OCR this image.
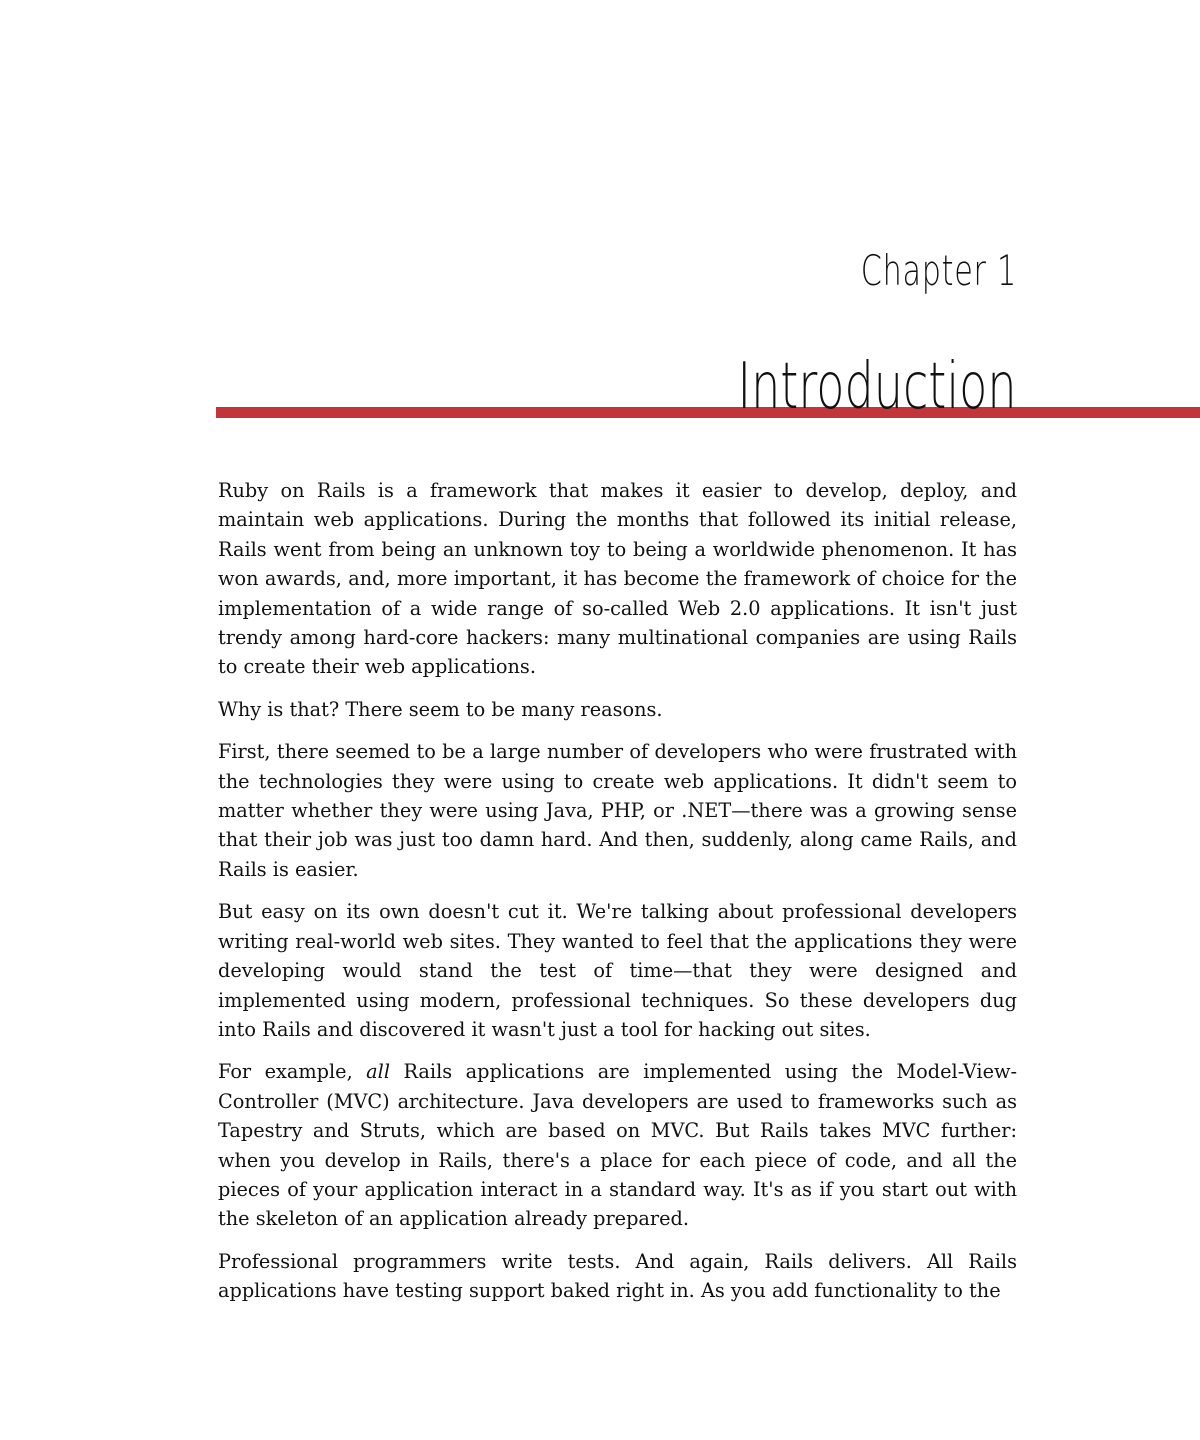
Chapter 1
Introduction

Ruby on Rails is a framework that makes it easier to develop, deploy, and maintain web applications. During the months that followed its initial release, Rails went from being an unknown toy to being a worldwide phenomenon. It has won awards, and, more important, it has become the framework of choice for the implementation of a wide range of so-called Web 2.0 applications. It isn't just trendy among hard-core hackers: many multinational companies are using Rails to create their web applications.

Why is that? There seem to be many reasons.

First, there seemed to be a large number of developers who were frustrated with the technologies they were using to create web applications. It didn't seem to matter whether they were using Java, PHP, or .NET—there was a growing sense that their job was just too damn hard. And then, suddenly, along came Rails, and Rails is easier.

But easy on its own doesn't cut it. We're talking about professional developers writing real-world web sites. They wanted to feel that the applications they were developing would stand the test of time—that they were designed and implemented using modern, professional techniques. So these developers dug into Rails and discovered it wasn't just a tool for hacking out sites.

For example, all Rails applications are implemented using the Model-View-Controller (MVC) architecture. Java developers are used to frameworks such as Tapestry and Struts, which are based on MVC. But Rails takes MVC further: when you develop in Rails, there's a place for each piece of code, and all the pieces of your application interact in a standard way. It's as if you start out with the skeleton of an application already prepared.

Professional programmers write tests. And again, Rails delivers. All Rails applications have testing support baked right in. As you add functionality to the
